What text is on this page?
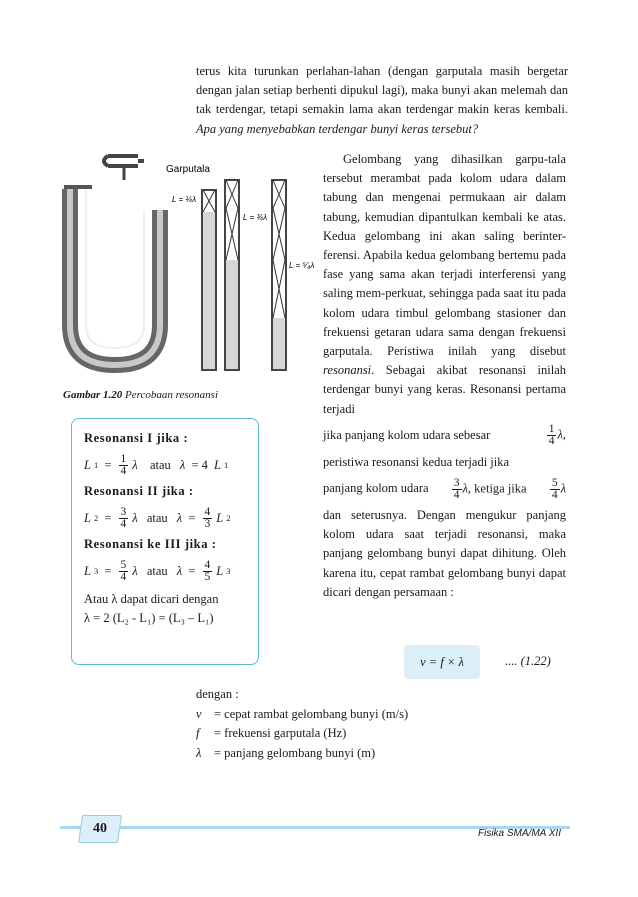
terus kita turunkan perlahan-lahan (dengan garputala masih bergetar dengan jalan setiap berhenti dipukul lagi), maka bunyi akan melemah dan tak terdengar, tetapi semakin lama akan terdengar makin keras kembali. Apa yang menyebabkan terdengar bunyi keras tersebut?
Garputala
L = ¼λ
L = ¾λ
L = ⁵⁄₄λ
Gambar 1.20 Percobaan resonansi
Resonansi I jika :
L $1 = \frac{1}{4}$ λ
atau
λ = 4 L 1
Resonansi II jika :
L $2 = \frac{3}{4}$ λ
atau
$\lambda = \frac{4}{3}$ L 2
Resonansi ke III jika :
L $3 = \frac{5}{4}$ λ
atau
$\lambda = \frac{4}{5}$ L 3
Atau λ dapat dicari dengan
λ = 2 (L₂ - L₁) = (L₃ – L₁)

Gelombang yang dihasilkan garpu-tala tersebut merambat pada kolom udara dalam tabung dan mengenai permukaan air dalam tabung, kemudian dipantulkan kembali ke atas. Kedua gelombang ini akan saling berinter-ferensi. Apabila kedua gelombang bertemu pada fase yang sama akan terjadi interferensi yang saling mem-perkuat, sehingga pada saat itu pada kolom udara timbul gelombang stasioner dan frekuensi getaran udara sama dengan frekuensi garputala. Peristiwa inilah yang disebut resonansi. Sebagai akibat resonansi inilah terdengar bunyi yang keras. Resonansi pertama terjadi

jika panjang kolom udara sebesar	$\frac{1}{4} \lambda$,
peristiwa resonansi kedua terjadi jika
panjang kolom udara $\frac{3}{4} \lambda$, ketiga jika $\frac{5}{4}$ λ
dan seterusnya. Dengan mengukur panjang kolom udara saat terjadi resonansi, maka panjang gelombang bunyi dapat dihitung. Oleh karena itu, cepat rambat gelombang bunyi dapat dicari dengan persamaan :
v = f × λ	.... (1.22)
dengan :
v = cepat rambat gelombang bunyi (m/s)
f	= frekuensi garputala (Hz)
λ	= panjang gelombang bunyi (m)
40	Fisika SMA/MA XII
